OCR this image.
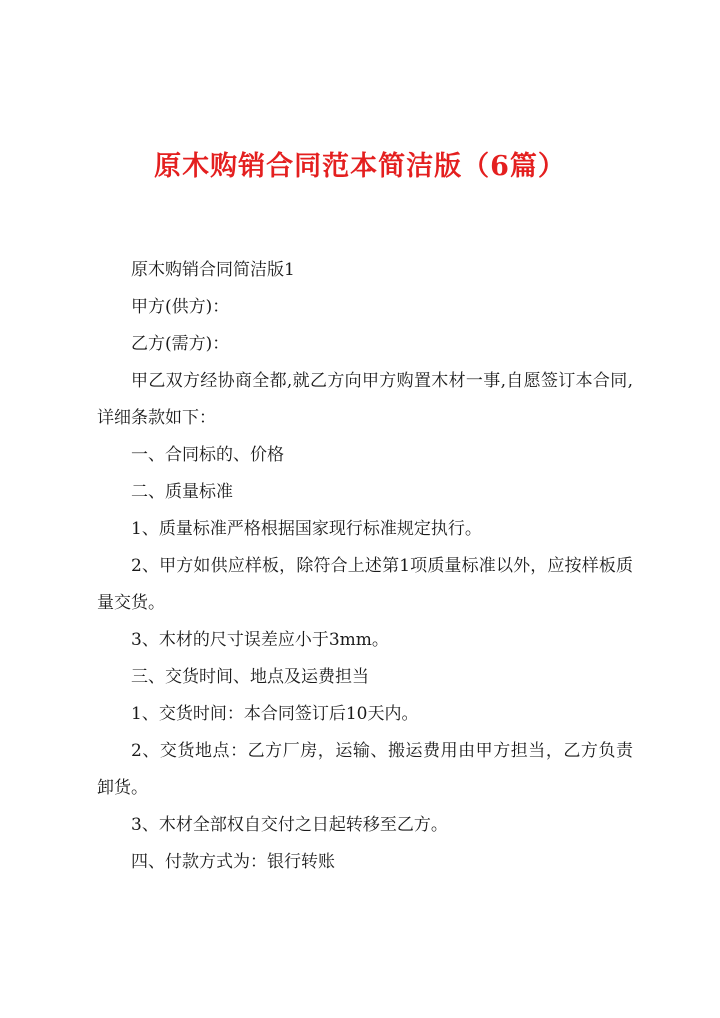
原木购销合同范本简洁版（6篇）

原木购销合同简洁版1

甲方(供方)：

乙方(需方)：

甲乙双方经协商全都,就乙方向甲方购置木材一事,自愿签订本合同,详细条款如下：

一、合同标的、价格

二、质量标准

1、质量标准严格根据国家现行标准规定执行。

2、甲方如供应样板，除符合上述第1项质量标准以外，应按样板质量交货。

3、木材的尺寸误差应小于3mm。

三、交货时间、地点及运费担当

1、交货时间：本合同签订后10天内。

2、交货地点：乙方厂房，运输、搬运费用由甲方担当，乙方负责卸货。

3、木材全部权自交付之日起转移至乙方。

四、付款方式为：银行转账
